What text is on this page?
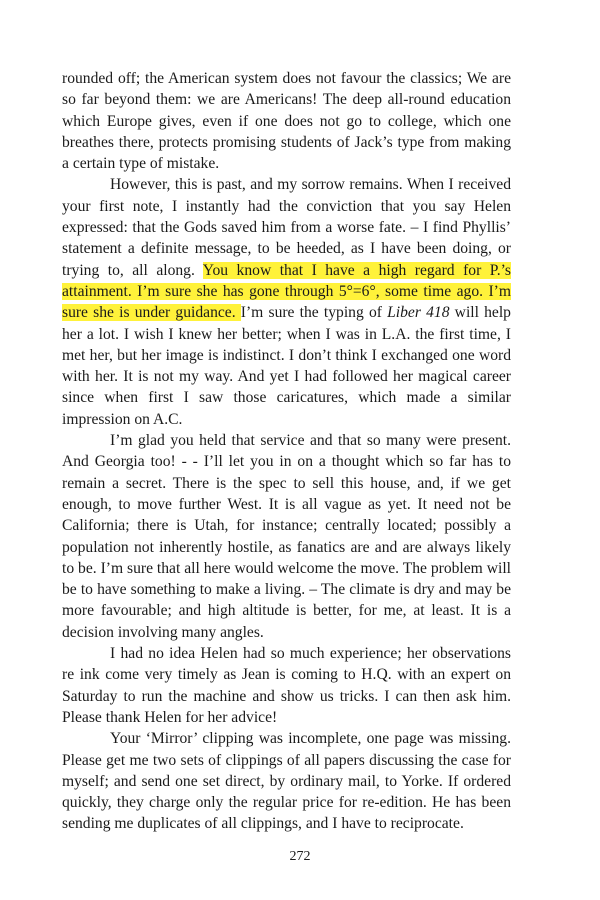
rounded off; the American system does not favour the classics; We are so far beyond them: we are Americans! The deep all-round education which Europe gives, even if one does not go to college, which one breathes there, protects promising students of Jack’s type from making a certain type of mistake.

However, this is past, and my sorrow remains. When I received your first note, I instantly had the conviction that you say Helen expressed: that the Gods saved him from a worse fate. – I find Phyllis’ statement a definite message, to be heeded, as I have been doing, or trying to, all along. You know that I have a high regard for P.’s attainment. I’m sure she has gone through 5°=6°, some time ago. I’m sure she is under guidance. I’m sure the typing of Liber 418 will help her a lot. I wish I knew her better; when I was in L.A. the first time, I met her, but her image is indistinct. I don’t think I exchanged one word with her. It is not my way. And yet I had followed her magical career since when first I saw those caricatures, which made a similar impression on A.C.

I’m glad you held that service and that so many were present. And Georgia too! - - I’ll let you in on a thought which so far has to remain a secret. There is the spec to sell this house, and, if we get enough, to move further West. It is all vague as yet. It need not be California; there is Utah, for instance; centrally located; possibly a population not inherently hostile, as fanatics are and are always likely to be. I’m sure that all here would welcome the move. The problem will be to have something to make a living. – The climate is dry and may be more favourable; and high altitude is better, for me, at least. It is a decision involving many angles.

I had no idea Helen had so much experience; her observations re ink come very timely as Jean is coming to H.Q. with an expert on Saturday to run the machine and show us tricks. I can then ask him. Please thank Helen for her advice!

Your ‘Mirror’ clipping was incomplete, one page was missing. Please get me two sets of clippings of all papers discussing the case for myself; and send one set direct, by ordinary mail, to Yorke. If ordered quickly, they charge only the regular price for re-edition. He has been sending me duplicates of all clippings, and I have to reciprocate.

272
